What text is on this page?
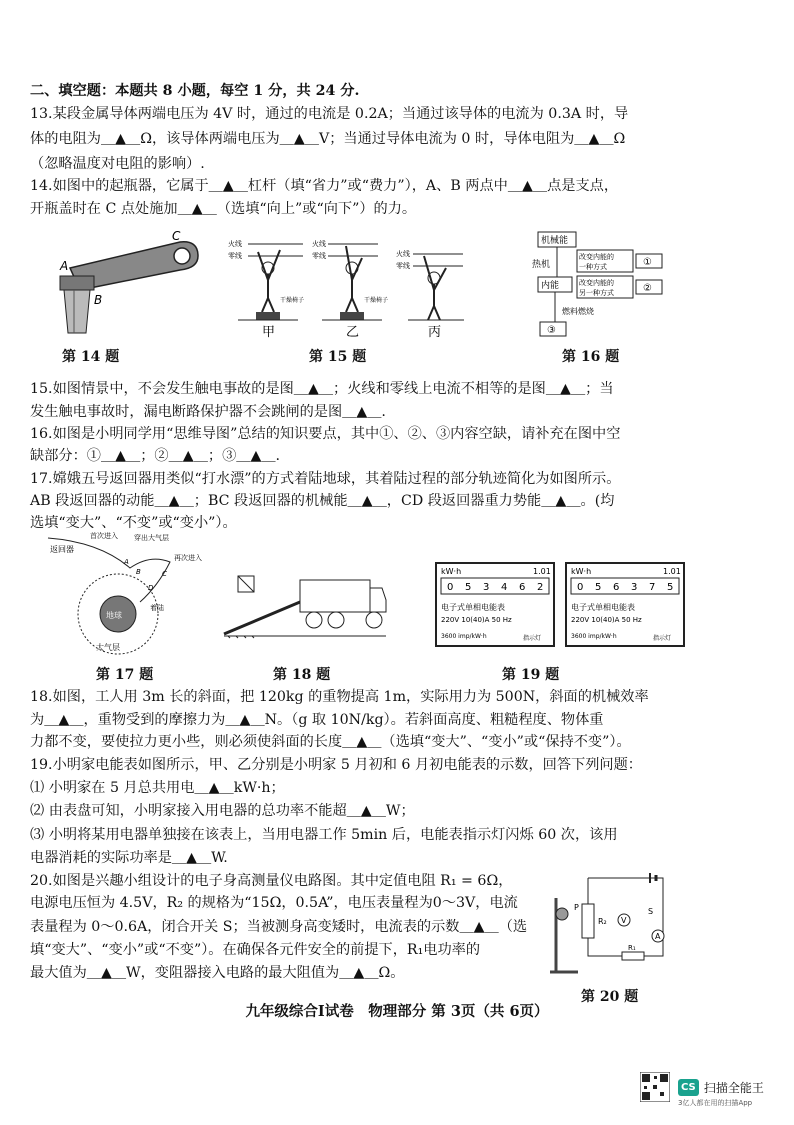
二、填空题：本题共 8 小题，每空 1 分，共 24 分.
13.某段金属导体两端电压为 4V 时，通过的电流是 0.2A；当通过该导体的电流为 0.3A 时，导
体的电阻为＿▲＿Ω，该导体两端电压为＿▲＿V；当通过导体电流为 0 时，导体电阻为＿▲＿Ω
（忽略温度对电阻的影响）.
14.如图中的起瓶器，它属于＿▲＿杠杆（填“省力”或“费力”），A、B 两点中＿▲＿点是支点，
开瓶盖时在 C 点处施加＿▲＿（选填“向上”或“向下”）的力。
A
B
C
第 14 题
火线
零线
干燥椅子
火线
零线
干燥椅子
火线
零线
甲	乙	丙
第 15 题
机械能
热机
内能
改变内能的
一种方式
改变内能的
另一种方式
①
②
③
燃料燃烧
第 16 题
15.如图情景中，不会发生触电事故的是图＿▲＿；火线和零线上电流不相等的是图＿▲＿；当
发生触电事故时，漏电断路保护器不会跳闸的是图＿▲＿.
16.如图是小明同学用“思维导图”总结的知识要点，其中①、②、③内容空缺，请补充在图中空
缺部分：①＿▲＿；②＿▲＿；③＿▲＿.
17.嫦娥五号返回器用类似“打水漂”的方式着陆地球，其着陆过程的部分轨迹简化为如图所示。
AB 段返回器的动能＿▲＿；BC 段返回器的机械能＿▲＿，CD 段返回器重力势能＿▲＿。(均
选填“变大”、“不变”或“变小”）。
地球
大气层
返回器
首次进入 穿出大气层
再次进入
着陆
A
B	C
D
第 17 题	第 18 题
kW·h	1.01
0 5 3 4 6 2
电子式单相电能表
220V 10(40)A 50 Hz
3600 imp/kW·h	指示灯
kW·h	1.01
0 5 6 3 7 5
电子式单相电能表
220V 10(40)A 50 Hz
3600 imp/kW·h	指示灯
第 19 题
18.如图，工人用 3m 长的斜面，把 120kg 的重物提高 1m，实际用力为 500N，斜面的机械效率
为＿▲＿，重物受到的摩擦力为＿▲＿N。（g 取 10N/kg）。若斜面高度、粗糙程度、物体重
力都不变，要使拉力更小些，则必须使斜面的长度＿▲＿（选填“变大”、“变小”或“保持不变”）。
19.小明家电能表如图所示，甲、乙分别是小明家 5 月初和 6 月初电能表的示数，回答下列问题：
⑴ 小明家在 5 月总共用电＿▲＿kW·h；
⑵ 由表盘可知，小明家接入用电器的总功率不能超＿▲＿W；
⑶ 小明将某用电器单独接在该表上，当用电器工作 5min 后，电能表指示灯闪烁 60 次，该用
电器消耗的实际功率是＿▲＿W.
20.如图是兴趣小组设计的电子身高测量仪电路图。其中定值电阻 R₁ = 6Ω，
电源电压恒为 4.5V，R₂ 的规格为“15Ω，0.5A”，电压表量程为0～3V，电流
表量程为 0～0.6A，闭合开关 S；当被测身高变矮时，电流表的示数＿▲＿（选
填“变大”、“变小”或“不变”）。在确保各元件安全的前提下，R₁电功率的
最大值为＿▲＿W，变阻器接入电路的最大阻值为＿▲＿Ω。
R₂ V
A
S
R₁
P
第 20 题
九年级综合Ⅰ试卷　物理部分 第 3页（共 6页）
CS 扫描全能王
3亿人都在用的扫描App
